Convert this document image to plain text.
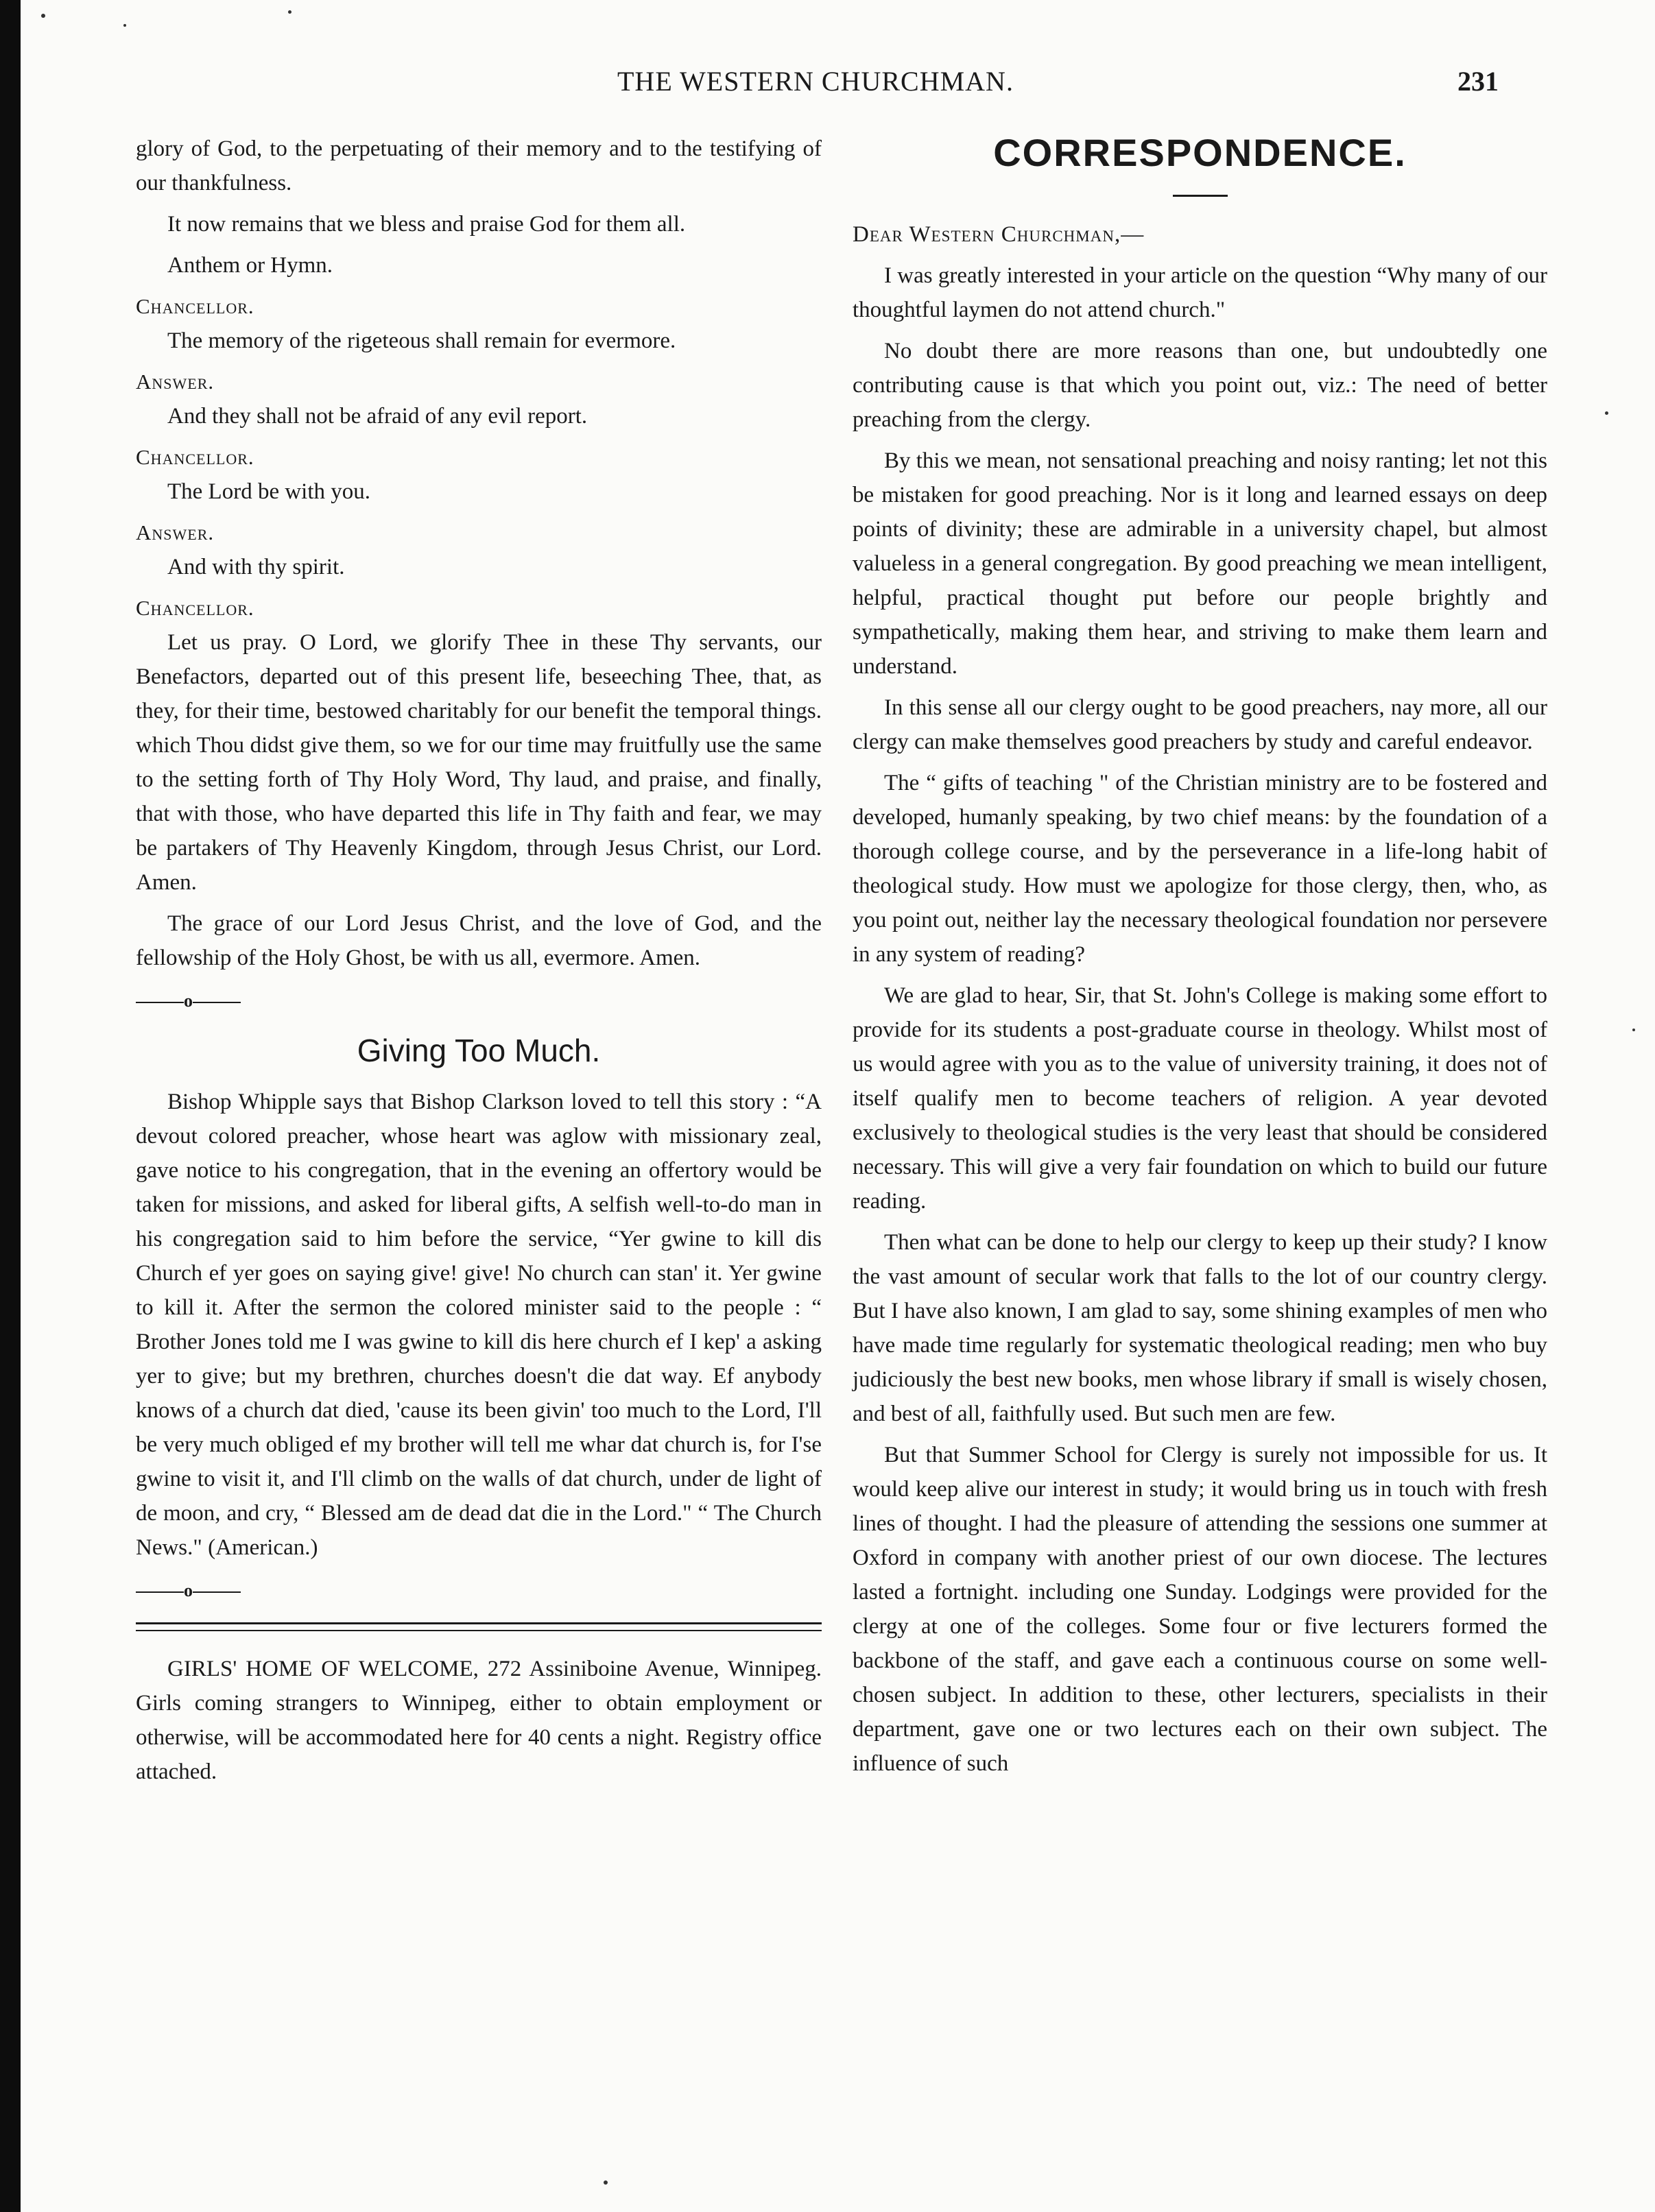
THE WESTERN CHURCHMAN.	231

glory of God, to the perpetuating of their memory and to the testifying of our thankfulness.

It now remains that we bless and praise God for them all.

Anthem or Hymn.

Chancellor.

The memory of the rigeteous shall remain for evermore.

Answer.

And they shall not be afraid of any evil report.

Chancellor.

The Lord be with you.

Answer.

And with thy spirit.

Chancellor.

Let us pray. O Lord, we glorify Thee in these Thy servants, our Benefactors, departed out of this present life, beseeching Thee, that, as they, for their time, bestowed charitably for our benefit the temporal things. which Thou didst give them, so we for our time may fruitfully use the same to the setting forth of Thy Holy Word, Thy laud, and praise, and finally, that with those, who have departed this life in Thy faith and fear, we may be partakers of Thy Heavenly Kingdom, through Jesus Christ, our Lord. Amen.

The grace of our Lord Jesus Christ, and the love of God, and the fellowship of the Holy Ghost, be with us all, evermore. Amen.

o

Giving Too Much.

Bishop Whipple says that Bishop Clarkson loved to tell this story : “A devout colored preacher, whose heart was aglow with missionary zeal, gave notice to his congregation, that in the evening an offertory would be taken for missions, and asked for liberal gifts, A selfish well-to-do man in his congregation said to him before the service, “Yer gwine to kill dis Church ef yer goes on saying give! give! No church can stan' it. Yer gwine to kill it. After the sermon the colored minister said to the people : “ Brother Jones told me I was gwine to kill dis here church ef I kep' a asking yer to give; but my brethren, churches doesn't die dat way. Ef anybody knows of a church dat died, 'cause its been givin' too much to the Lord, I'll be very much obliged ef my brother will tell me whar dat church is, for I'se gwine to visit it, and I'll climb on the walls of dat church, under de light of de moon, and cry, “ Blessed am de dead dat die in the Lord." “ The Church News." (American.)

o

GIRLS' HOME OF WELCOME, 272 Assiniboine Avenue, Winnipeg. Girls coming strangers to Winnipeg, either to obtain employment or otherwise, will be accommodated here for 40 cents a night. Registry office attached.

CORRESPONDENCE.

Dear Western Churchman,—

I was greatly interested in your article on the question “Why many of our thoughtful laymen do not attend church."

No doubt there are more reasons than one, but undoubtedly one contributing cause is that which you point out, viz.: The need of better preaching from the clergy.

By this we mean, not sensational preaching and noisy ranting; let not this be mistaken for good preaching. Nor is it long and learned essays on deep points of divinity; these are admirable in a university chapel, but almost valueless in a general congregation. By good preaching we mean intelligent, helpful, practical thought put before our people brightly and sympathetically, making them hear, and striving to make them learn and understand.

In this sense all our clergy ought to be good preachers, nay more, all our clergy can make themselves good preachers by study and careful endeavor.

The “ gifts of teaching " of the Christian ministry are to be fostered and developed, humanly speaking, by two chief means: by the foundation of a thorough college course, and by the perseverance in a life-long habit of theological study. How must we apologize for those clergy, then, who, as you point out, neither lay the necessary theological foundation nor persevere in any system of reading?

We are glad to hear, Sir, that St. John's College is making some effort to provide for its students a post-graduate course in theology. Whilst most of us would agree with you as to the value of university training, it does not of itself qualify men to become teachers of religion. A year devoted exclusively to theological studies is the very least that should be considered necessary. This will give a very fair foundation on which to build our future reading.

Then what can be done to help our clergy to keep up their study? I know the vast amount of secular work that falls to the lot of our country clergy. But I have also known, I am glad to say, some shining examples of men who have made time regularly for systematic theological reading; men who buy judiciously the best new books, men whose library if small is wisely chosen, and best of all, faithfully used. But such men are few.

But that Summer School for Clergy is surely not impossible for us. It would keep alive our interest in study; it would bring us in touch with fresh lines of thought. I had the pleasure of attending the sessions one summer at Oxford in company with another priest of our own diocese. The lectures lasted a fortnight. including one Sunday. Lodgings were provided for the clergy at one of the colleges. Some four or five lecturers formed the backbone of the staff, and gave each a continuous course on some well-chosen subject. In addition to these, other lecturers, specialists in their department, gave one or two lectures each on their own subject. The influence of such
